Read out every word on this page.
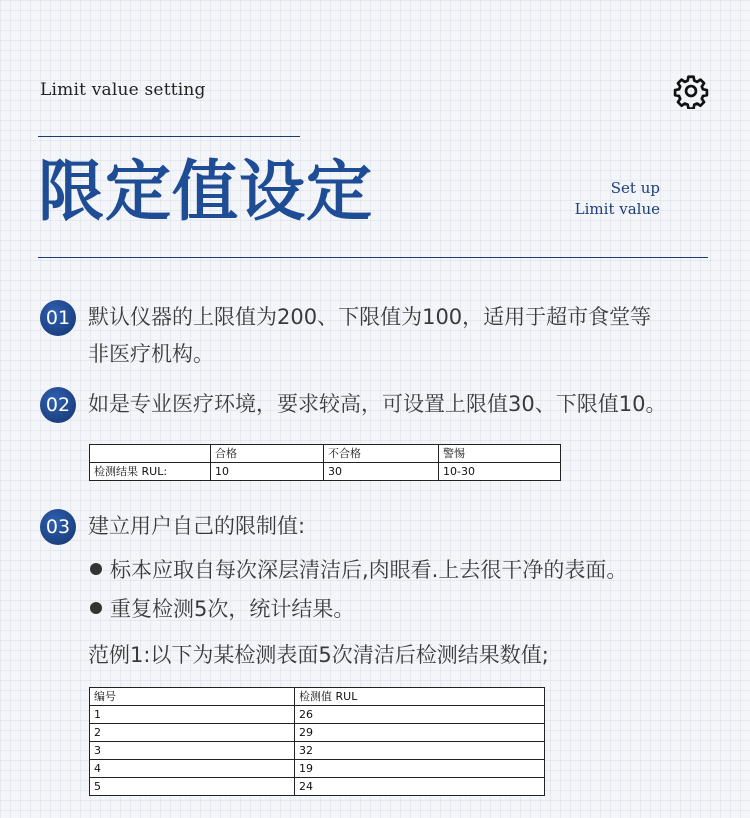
Limit value setting
限定值设定	Set up
Limit value
01 默认仪器的上限值为200、下限值为100，适用于超市食堂等
非医疗机构。
02 如是专业医疗环境，要求较高，可设置上限值30、下限值10。
	合格	不合格	警惕
检测结果 RUL:	10	30	10-30
03 建立用户自己的限制值:
标本应取自每次深层清洁后,肉眼看.上去很干净的表面。
重复检测5次，统计结果。
范例1:以下为某检测表面5次清洁后检测结果数值;
编号	检测值 RUL
1	26
2	29
3	32
4	19
5	24
